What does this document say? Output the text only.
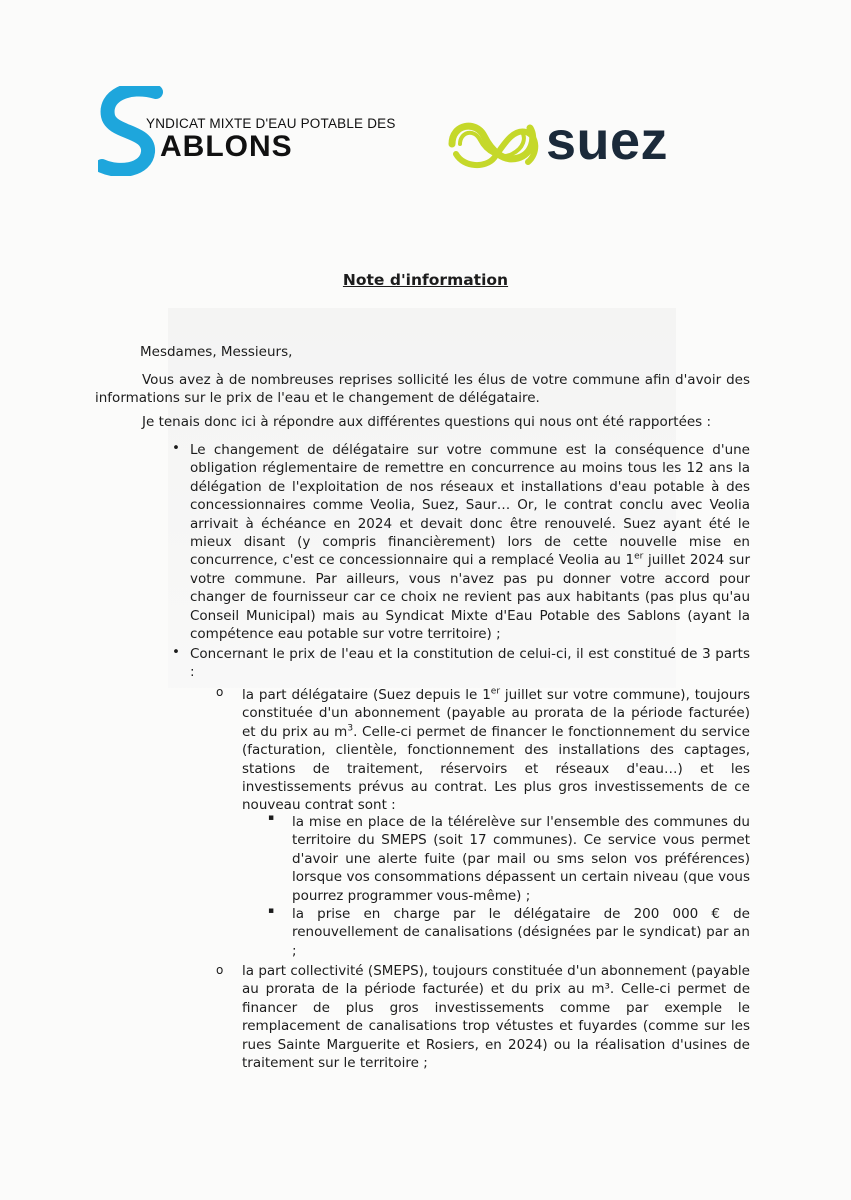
YNDICAT MIXTE D'EAU POTABLE DES
ABLONS	suez
Note d'information
Mesdames, Messieurs,
Vous avez à de nombreuses reprises sollicité les élus de votre commune afin d'avoir des informations sur le prix de l'eau et le changement de délégataire.
Je tenais donc ici à répondre aux différentes questions qui nous ont été rapportées :
• Le changement de délégataire sur votre commune est la conséquence d'une obligation réglementaire de remettre en concurrence au moins tous les 12 ans la délégation de l'exploitation de nos réseaux et installations d'eau potable à des concessionnaires comme Veolia, Suez, Saur… Or, le contrat conclu avec Veolia arrivait à échéance en 2024 et devait donc être renouvelé. Suez ayant été le mieux disant (y compris financièrement) lors de cette nouvelle mise en concurrence, c'est ce concessionnaire qui a remplacé Veolia au 1er juillet 2024 sur votre commune. Par ailleurs, vous n'avez pas pu donner votre accord pour changer de fournisseur car ce choix ne revient pas aux habitants (pas plus qu'au Conseil Municipal) mais au Syndicat Mixte d'Eau Potable des Sablons (ayant la compétence eau potable sur votre territoire) ;
• Concernant le prix de l'eau et la constitution de celui-ci, il est constitué de 3 parts :
o la part délégataire (Suez depuis le 1er juillet sur votre commune), toujours constituée d'un abonnement (payable au prorata de la période facturée) et du prix au $m^3$. Celle-ci permet de financer le fonctionnement du service (facturation, clientèle, fonctionnement des installations des captages, stations de traitement, réservoirs et réseaux d'eau…) et les investissements prévus au contrat. Les plus gros investissements de ce nouveau contrat sont :
▪ la mise en place de la télérelève sur l'ensemble des communes du territoire du SMEPS (soit 17 communes). Ce service vous permet d'avoir une alerte fuite (par mail ou sms selon vos préférences) lorsque vos consommations dépassent un certain niveau (que vous pourrez programmer vous-même) ;
▪ la prise en charge par le délégataire de 200 000 € de renouvellement de canalisations (désignées par le syndicat) par an ;
o la part collectivité (SMEPS), toujours constituée d'un abonnement (payable au prorata de la période facturée) et du prix au m³. Celle-ci permet de financer de plus gros investissements comme par exemple le remplacement de canalisations trop vétustes et fuyardes (comme sur les rues Sainte Marguerite et Rosiers, en 2024) ou la réalisation d'usines de traitement sur le territoire ;
